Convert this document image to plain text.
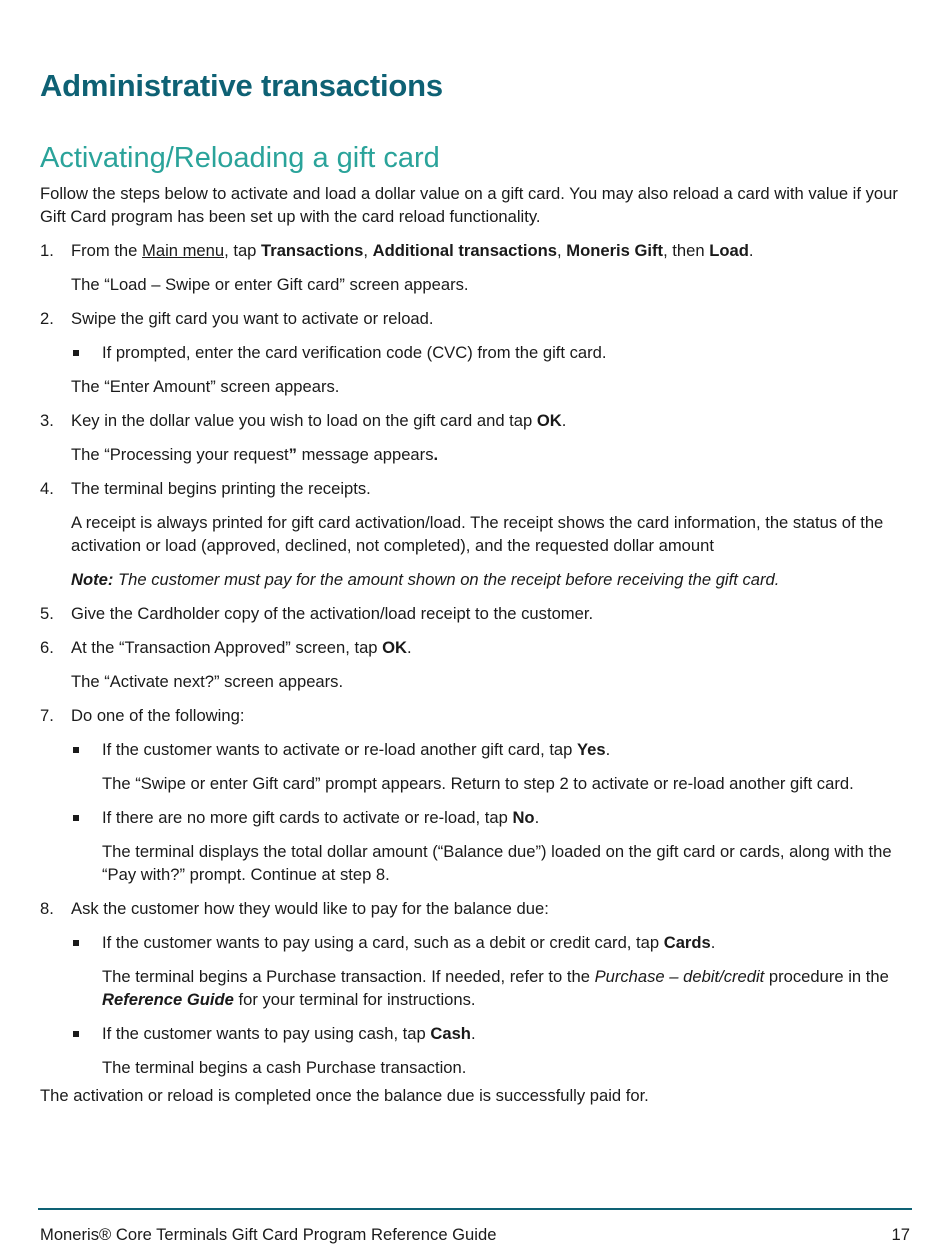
Administrative transactions
Activating/Reloading a gift card

Follow the steps below to activate and load a dollar value on a gift card. You may also reload a card with value if your Gift Card program has been set up with the card reload functionality.

1. From the Main menu, tap Transactions, Additional transactions, Moneris Gift, then Load.

The “Load – Swipe or enter Gift card” screen appears.

2. Swipe the gift card you want to activate or reload.
If prompted, enter the card verification code (CVC) from the gift card.

The “Enter Amount” screen appears.

3. Key in the dollar value you wish to load on the gift card and tap OK.

The “Processing your request” message appears.

4. The terminal begins printing the receipts.

A receipt is always printed for gift card activation/load. The receipt shows the card information, the status of the activation or load (approved, declined, not completed), and the requested dollar amount

Note: The customer must pay for the amount shown on the receipt before receiving the gift card.

5. Give the Cardholder copy of the activation/load receipt to the customer.
6. At the “Transaction Approved” screen, tap OK.

The “Activate next?” screen appears.

7. Do one of the following:
If the customer wants to activate or re-load another gift card, tap Yes.

The “Swipe or enter Gift card” prompt appears. Return to step 2 to activate or re-load another gift card.

If there are no more gift cards to activate or re-load, tap No.

The terminal displays the total dollar amount (“Balance due”) loaded on the gift card or cards, along with the “Pay with?” prompt. Continue at step 8.

8. Ask the customer how they would like to pay for the balance due:
If the customer wants to pay using a card, such as a debit or credit card, tap Cards.

The terminal begins a Purchase transaction. If needed, refer to the Purchase – debit/credit procedure in the Reference Guide for your terminal for instructions.

If the customer wants to pay using cash, tap Cash.

The terminal begins a cash Purchase transaction.

The activation or reload is completed once the balance due is successfully paid for.

Moneris® Core Terminals Gift Card Program Reference Guide	17
